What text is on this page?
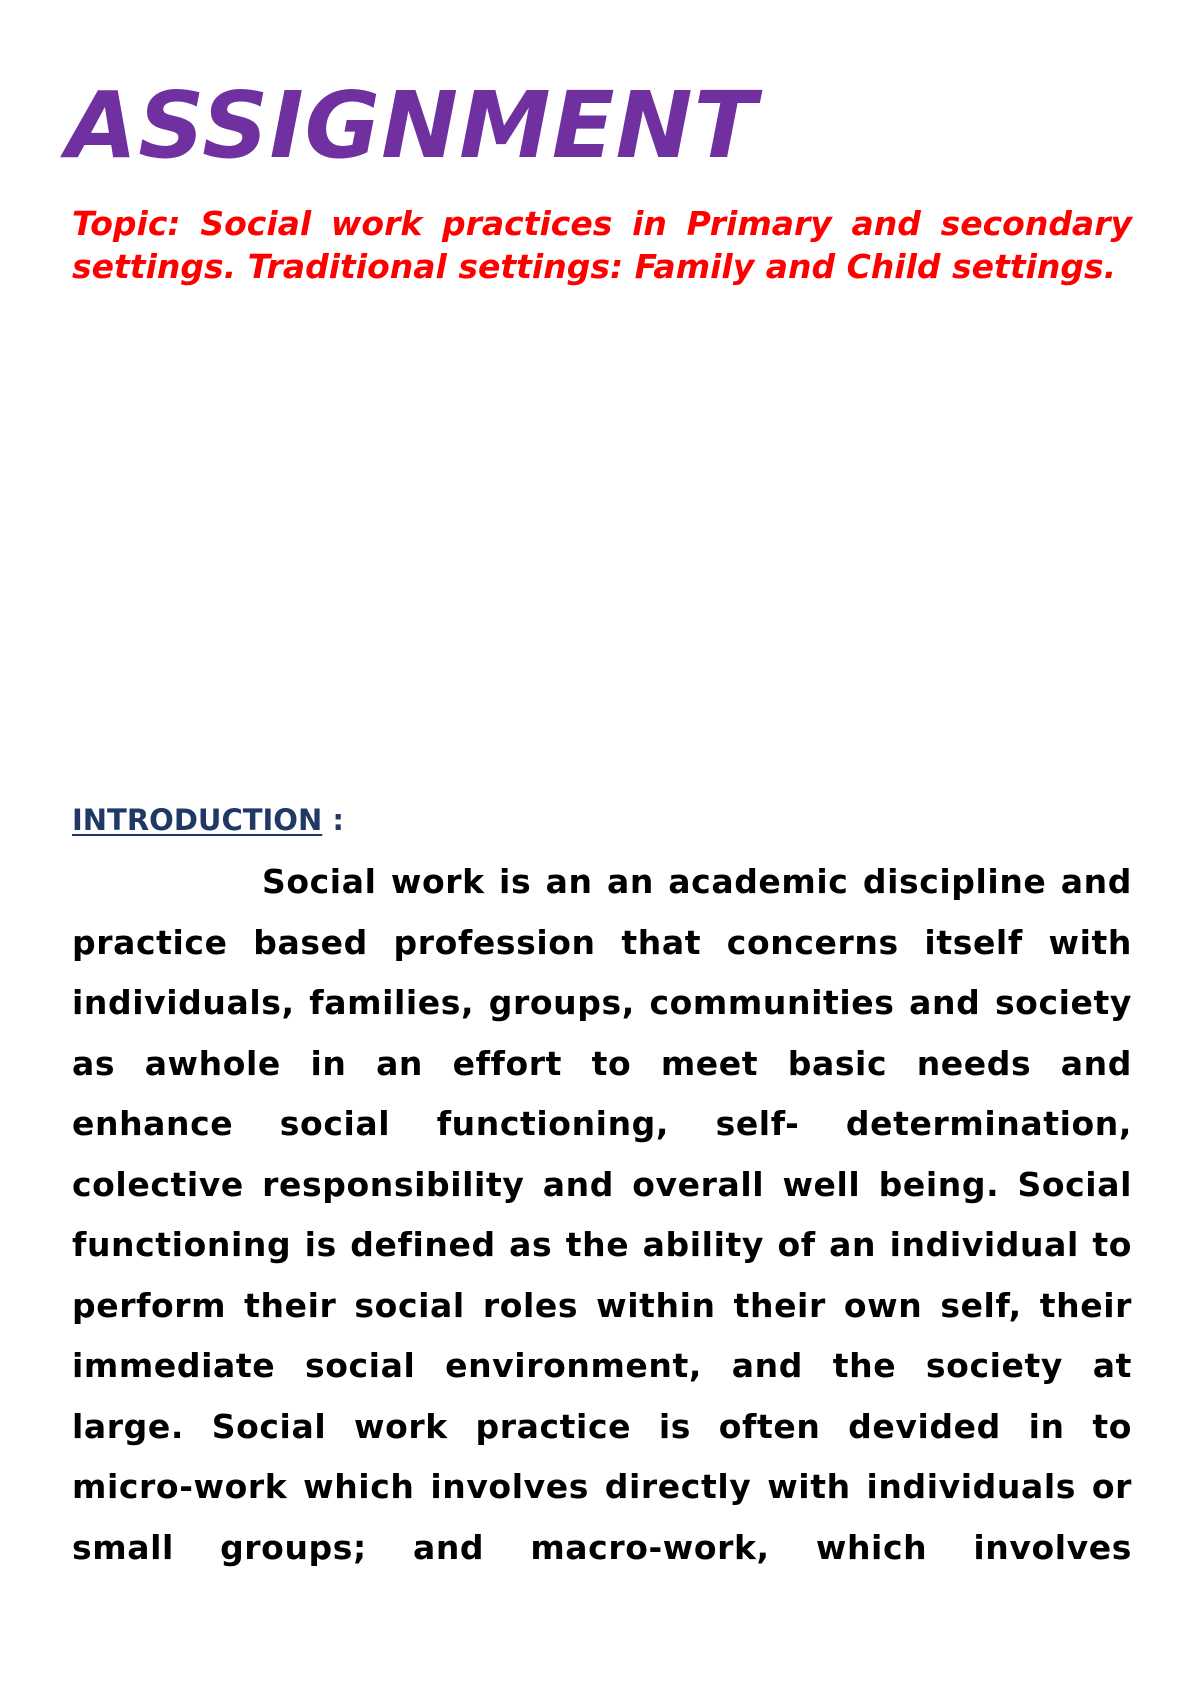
ASSIGNMENT

Topic: Social work practices in Primary and secondary settings. Traditional settings: Family and Child settings.

INTRODUCTION :

Social work is an an academic discipline and practice based profession that concerns itself with individuals, families, groups, communities and society as awhole in an effort to meet basic needs and enhance social functioning, self- determination, colective responsibility and overall well being. Social functioning is defined as the ability of an individual to perform their social roles within their own self, their immediate social environment, and the society at large. Social work practice is often devided in to micro-work which involves directly with individuals or small groups; and macro-work, which involves
